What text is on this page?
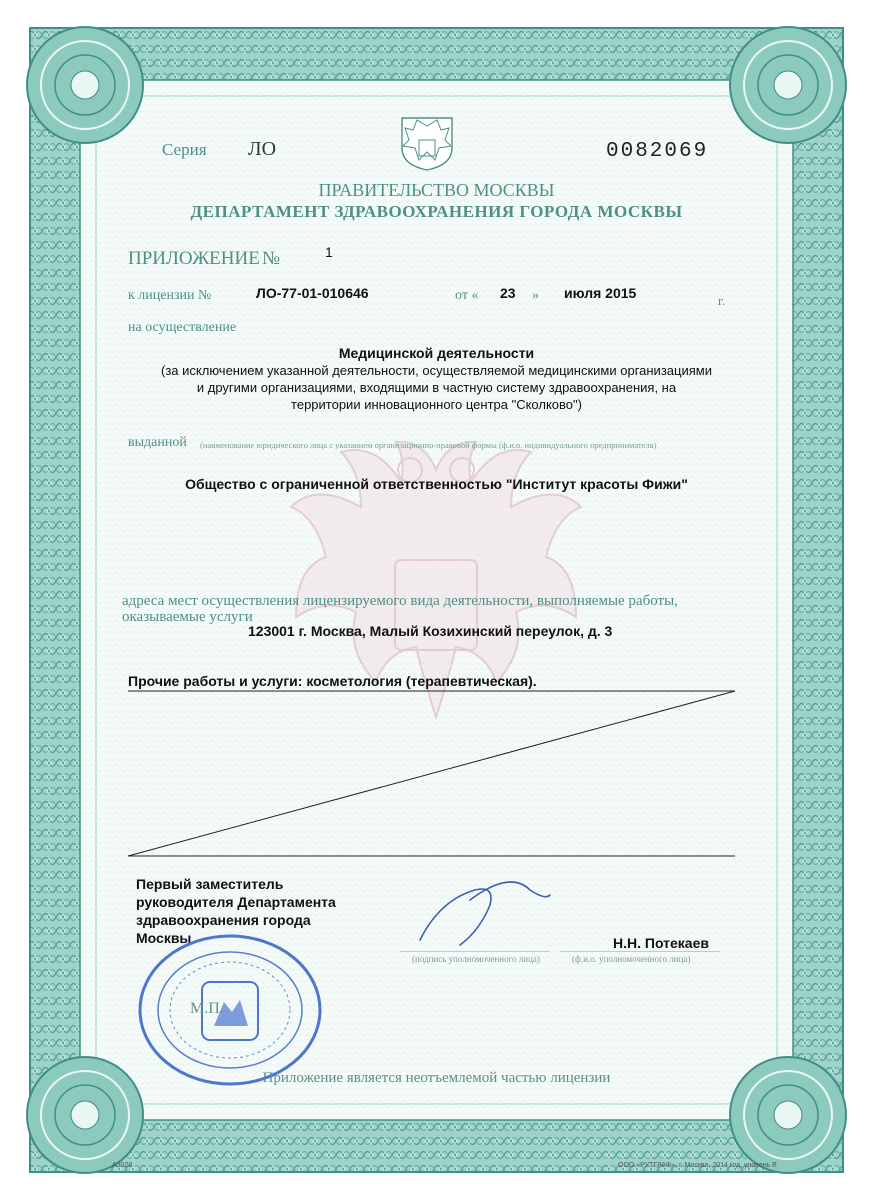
Серия ЛО	0082069
ПРАВИТЕЛЬСТВО МОСКВЫ
ДЕПАРТАМЕНТ ЗДРАВООХРАНЕНИЯ ГОРОДА МОСКВЫ
ПРИЛОЖЕНИЕ №	1
к лицензии №	ЛО-77-01-010646	от « 23 » июля 2015	г.
на осуществление
Медицинской деятельности
(за исключением указанной деятельности, осуществляемой медицинскими организациями
и другими организациями, входящими в частную систему здравоохранения, на
территории инновационного центра "Сколково")
выданной (наименование юридического лица с указанием организационно-правовой формы (ф.и.о. индивидуального предпринимателя)
Общество с ограниченной ответственностью "Институт красоты Фижи"
адреса мест осуществления лицензируемого вида деятельности, выполняемые работы,
оказываемые услуги
123001 г. Москва, Малый Козихинский переулок, д. 3
Прочие работы и услуги: косметология (терапевтическая).
Первый заместитель
руководителя Департамента
здравоохранения города
Москвы	Н.Н. Потекаев
(подпись уполномоченного лица)	(ф.и.о. уполномоченного лица)
М.П.
Приложение является неотъемлемой частью лицензии
А3028	ООО «РУТГРАФ», г. Москва, 2014 год, уровень В
